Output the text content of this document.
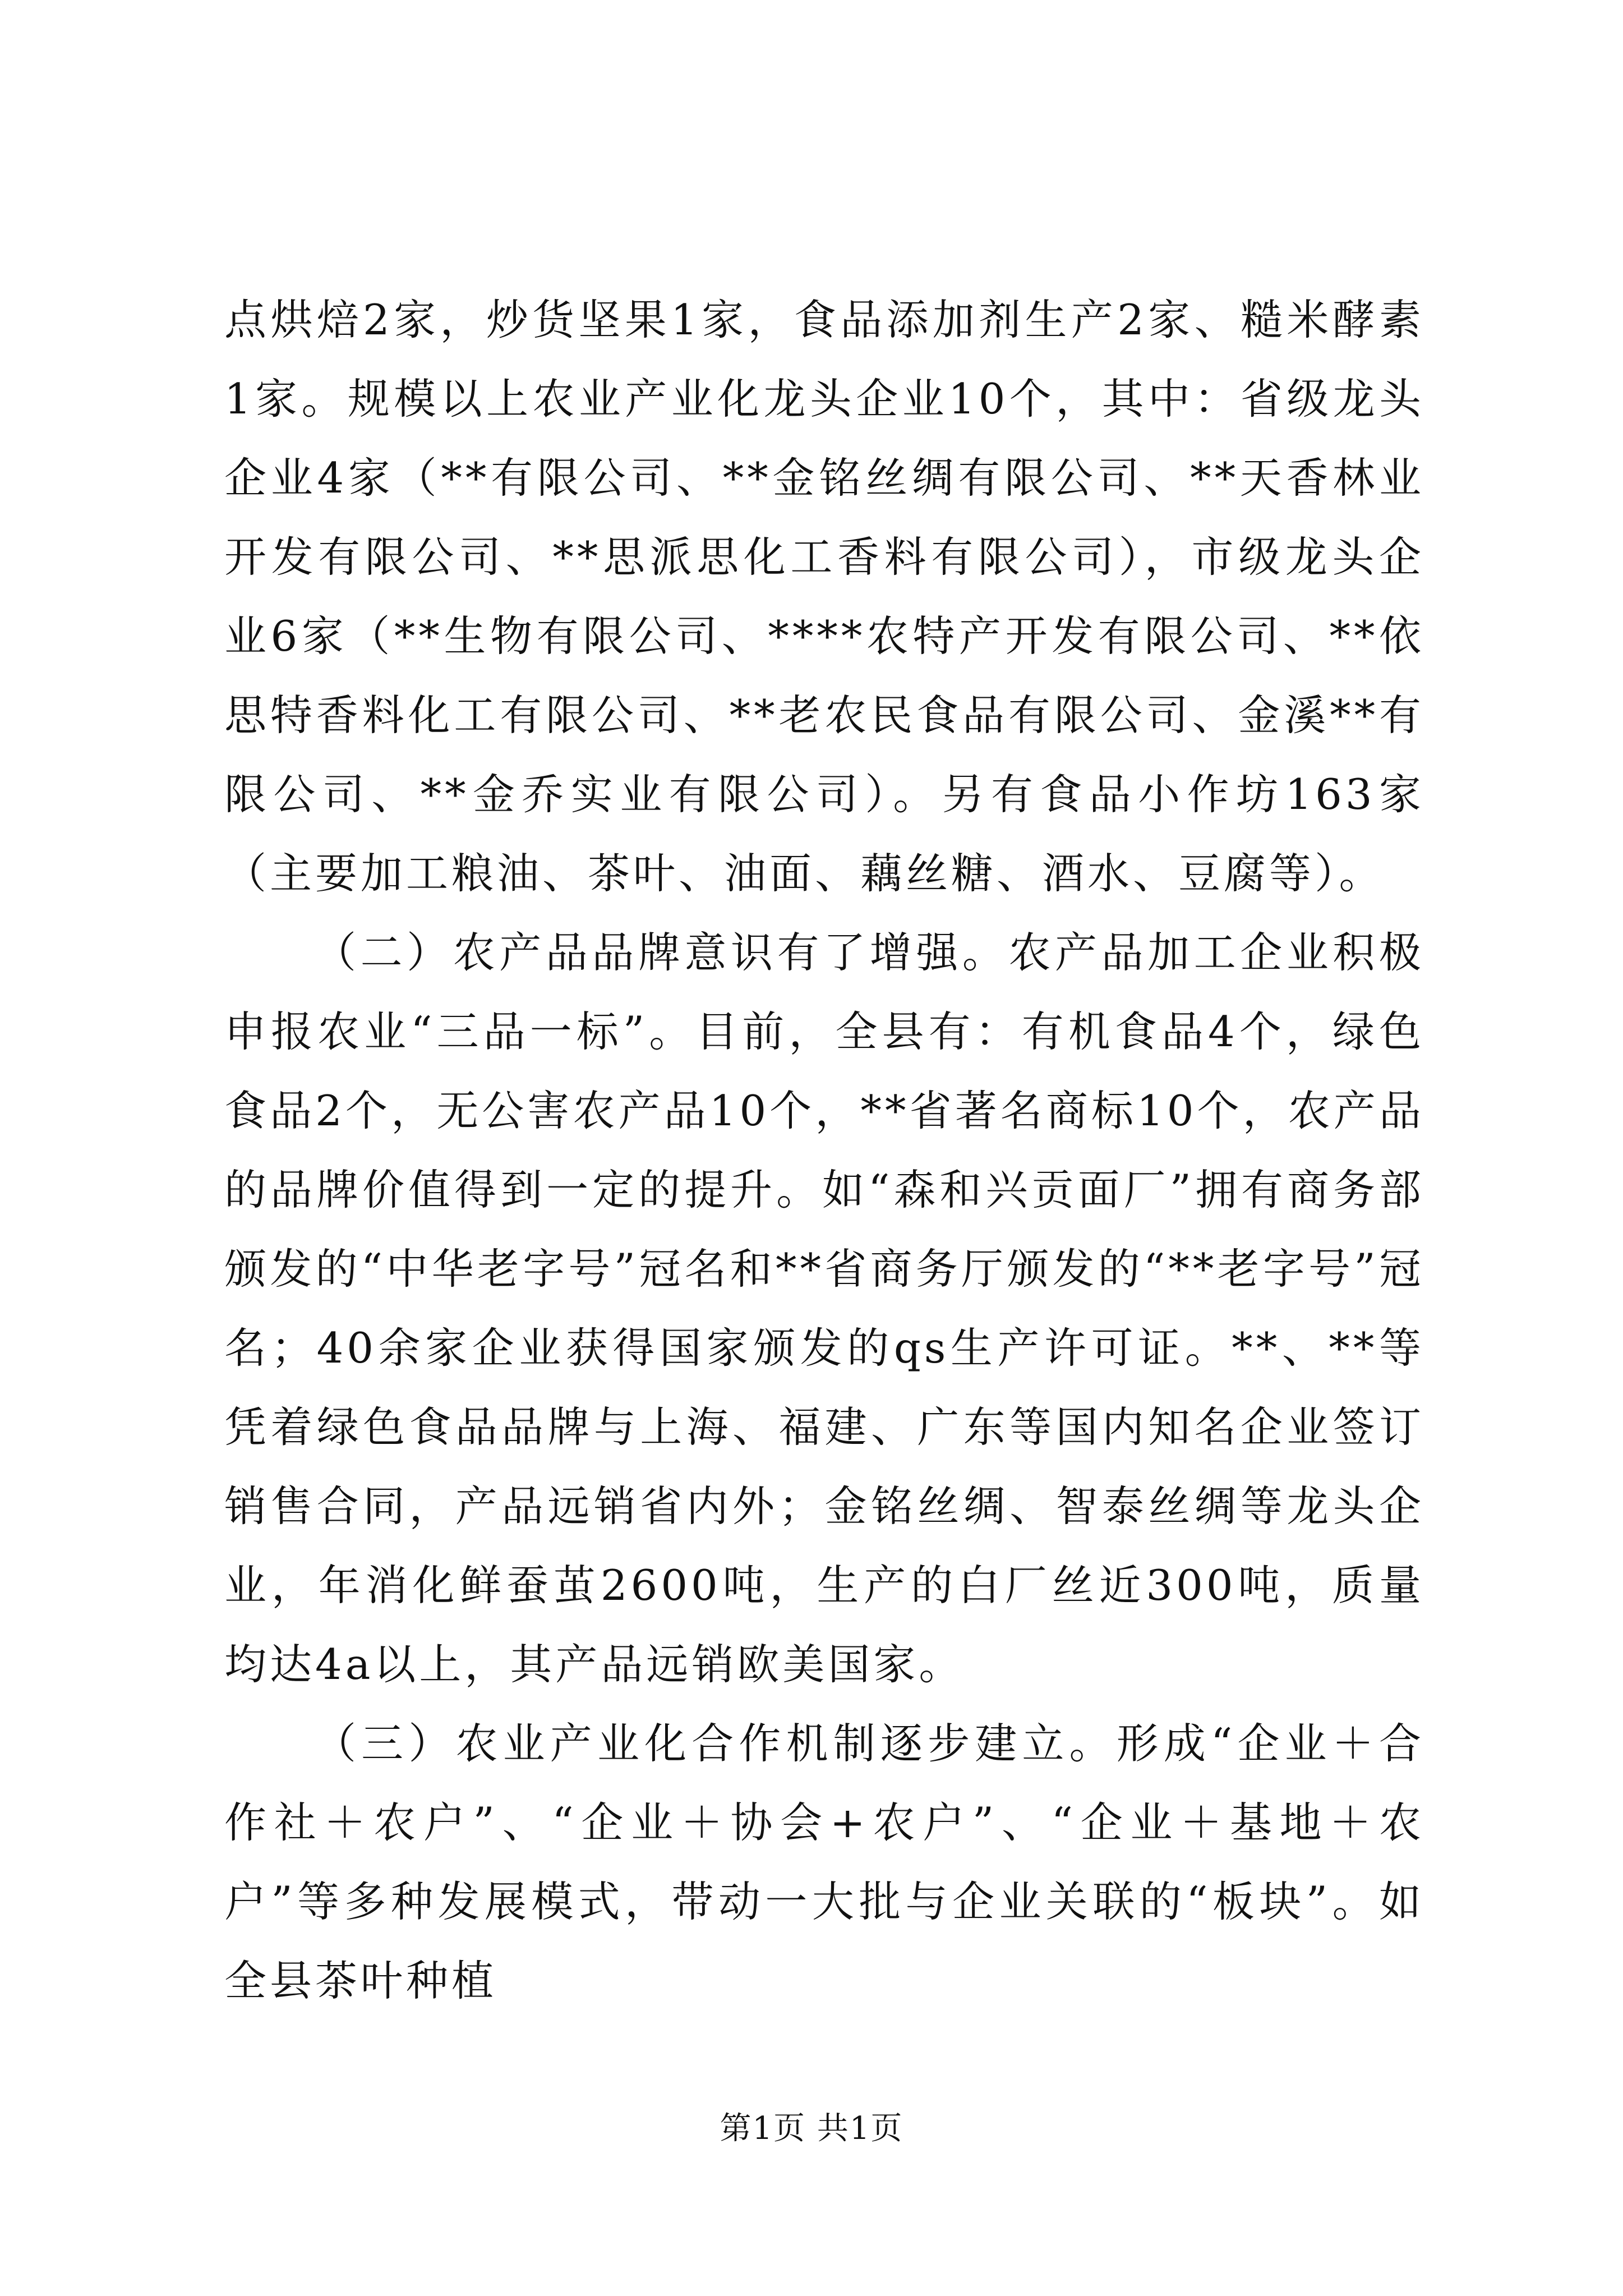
点烘焙2家，炒货坚果1家，食品添加剂生产2家、糙米酵素1家。规模以上农业产业化龙头企业10个，其中：省级龙头企业4家（**有限公司、**金铭丝绸有限公司、**天香林业开发有限公司、**思派思化工香料有限公司），市级龙头企业6家（**生物有限公司、****农特产开发有限公司、**依思特香料化工有限公司、**老农民食品有限公司、金溪**有限公司、**金乔实业有限公司）。另有食品小作坊163家（主要加工粮油、茶叶、油面、藕丝糖、酒水、豆腐等）。

（二）农产品品牌意识有了增强。农产品加工企业积极申报农业“三品一标”。目前，全县有：有机食品4个，绿色食品2个，无公害农产品10个，**省著名商标10个，农产品的品牌价值得到一定的提升。如“森和兴贡面厂”拥有商务部颁发的“中华老字号”冠名和**省商务厅颁发的“**老字号”冠名；40余家企业获得国家颁发的qs生产许可证。**、**等凭着绿色食品品牌与上海、福建、广东等国内知名企业签订销售合同，产品远销省内外；金铭丝绸、智泰丝绸等龙头企业，年消化鲜蚕茧2600吨，生产的白厂丝近300吨，质量均达4a以上，其产品远销欧美国家。

（三）农业产业化合作机制逐步建立。形成“企业＋合作社＋农户”、“企业＋协会+农户”、“企业＋基地＋农户”等多种发展模式，带动一大批与企业关联的“板块”。如全县茶叶种植

第1页 共1页
